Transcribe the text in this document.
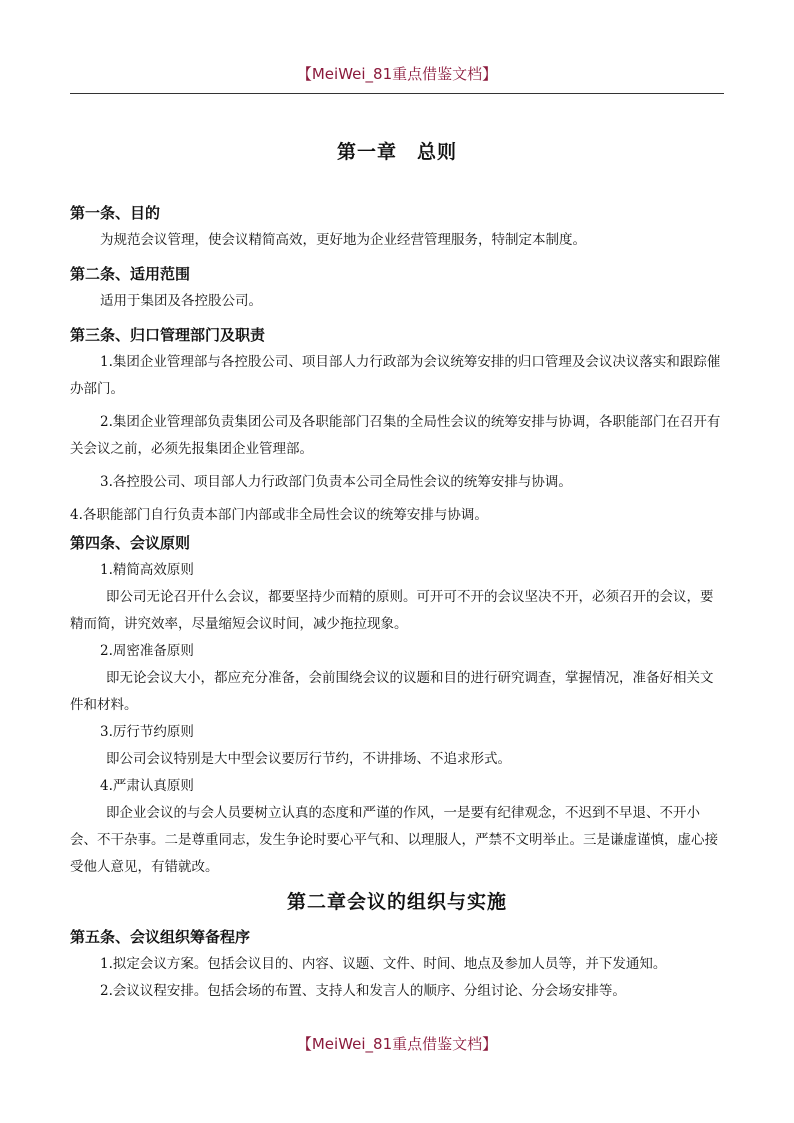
【MeiWei_81重点借鉴文档】
第一章　总则
第一条、目的

为规范会议管理，使会议精简高效，更好地为企业经营管理服务，特制定本制度。

第二条、适用范围

适用于集团及各控股公司。

第三条、归口管理部门及职责

1.集团企业管理部与各控股公司、项目部人力行政部为会议统筹安排的归口管理及会议决议落实和跟踪催办部门。

2.集团企业管理部负责集团公司及各职能部门召集的全局性会议的统筹安排与协调，各职能部门在召开有关会议之前，必须先报集团企业管理部。

3.各控股公司、项目部人力行政部门负责本公司全局性会议的统筹安排与协调。

4.各职能部门自行负责本部门内部或非全局性会议的统筹安排与协调。

第四条、会议原则

1.精简高效原则

即公司无论召开什么会议，都要坚持少而精的原则。可开可不开的会议坚决不开，必须召开的会议，要精而简，讲究效率，尽量缩短会议时间，减少拖拉现象。

2.周密准备原则

即无论会议大小，都应充分准备，会前围绕会议的议题和目的进行研究调查，掌握情况，准备好相关文件和材料。

3.厉行节约原则

即公司会议特别是大中型会议要厉行节约，不讲排场、不追求形式。

4.严肃认真原则

即企业会议的与会人员要树立认真的态度和严谨的作风，一是要有纪律观念，不迟到不早退、不开小会、不干杂事。二是尊重同志，发生争论时要心平气和、以理服人，严禁不文明举止。三是谦虚谨慎，虚心接受他人意见，有错就改。

第二章会议的组织与实施
第五条、会议组织筹备程序

1.拟定会议方案。包括会议目的、内容、议题、文件、时间、地点及参加人员等，并下发通知。

2.会议议程安排。包括会场的布置、支持人和发言人的顺序、分组讨论、分会场安排等。

【MeiWei_81重点借鉴文档】
